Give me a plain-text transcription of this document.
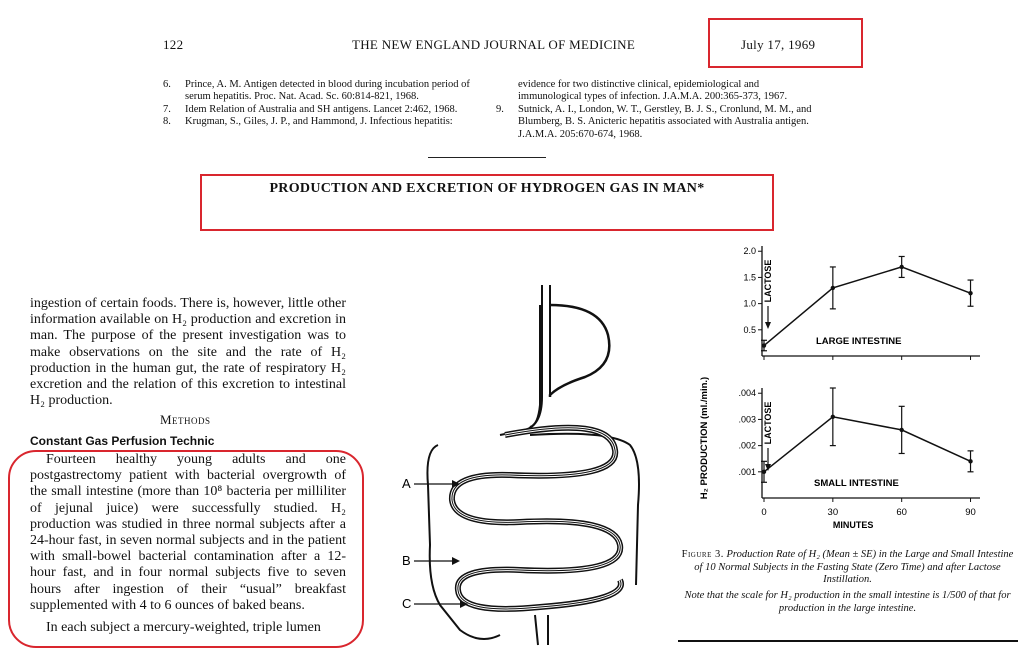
122	THE NEW ENGLAND JOURNAL OF MEDICINE	July 17, 1969
6. Prince, A. M. Antigen detected in blood during incubation period of serum hepatitis. Proc. Nat. Acad. Sc. 60:814-821, 1968.
7. Idem Relation of Australia and SH antigens. Lancet 2:462, 1968.
8. Krugman, S., Giles, J. P., and Hammond, J. Infectious hepatitis:
evidence for two distinctive clinical, epidemiological and immunological types of infection. J.A.M.A. 200:365-373, 1967.
9. Sutnick, A. I., London, W. T., Gerstley, B. J. S., Cronlund, M. M., and Blumberg, B. S. Anicteric hepatitis associated with Australia antigen. J.A.M.A. 205:670-674, 1968.
PRODUCTION AND EXCRETION OF HYDROGEN GAS IN MAN*
ingestion of certain foods. There is, however, little other information available on H₂ production and excretion in man. The purpose of the present investigation was to make observations on the site and the rate of H₂ production in the human gut, the rate of respiratory H₂ excretion and the relation of this excretion to intestinal H₂ production.
Methods
Constant Gas Perfusion Technic
Fourteen healthy young adults and one postgastrectomy patient with bacterial overgrowth of the small intestine (more than 10⁸ bacteria per milliliter of jejunal juice) were successfully studied. H₂ production was studied in three normal subjects after a 24-hour fast, in seven normal subjects and in the patient with small-bowel bacterial contamination after a 12-hour fast, and in four normal subjects five to seven hours after ingestion of their “usual” breakfast supplemented with 4 to 6 ounces of baked beans.
In each subject a mercury-weighted, triple lumen
A
B
C
H₂ PRODUCTION (ml./min.)
0.5
1.0
1.5
2.0
LACTOSE
LARGE INTESTINE
.001
.002
.003
.004
0	30	60	90
MINUTES
LACTOSE
SMALL INTESTINE
Figure 3. Production Rate of H₂ (Mean ± SE) in the Large and Small Intestine of 10 Normal Subjects in the Fasting State (Zero Time) and after Lactose Instillation.
Note that the scale for H₂ production in the small intestine is 1/500 of that for production in the large intestine.
